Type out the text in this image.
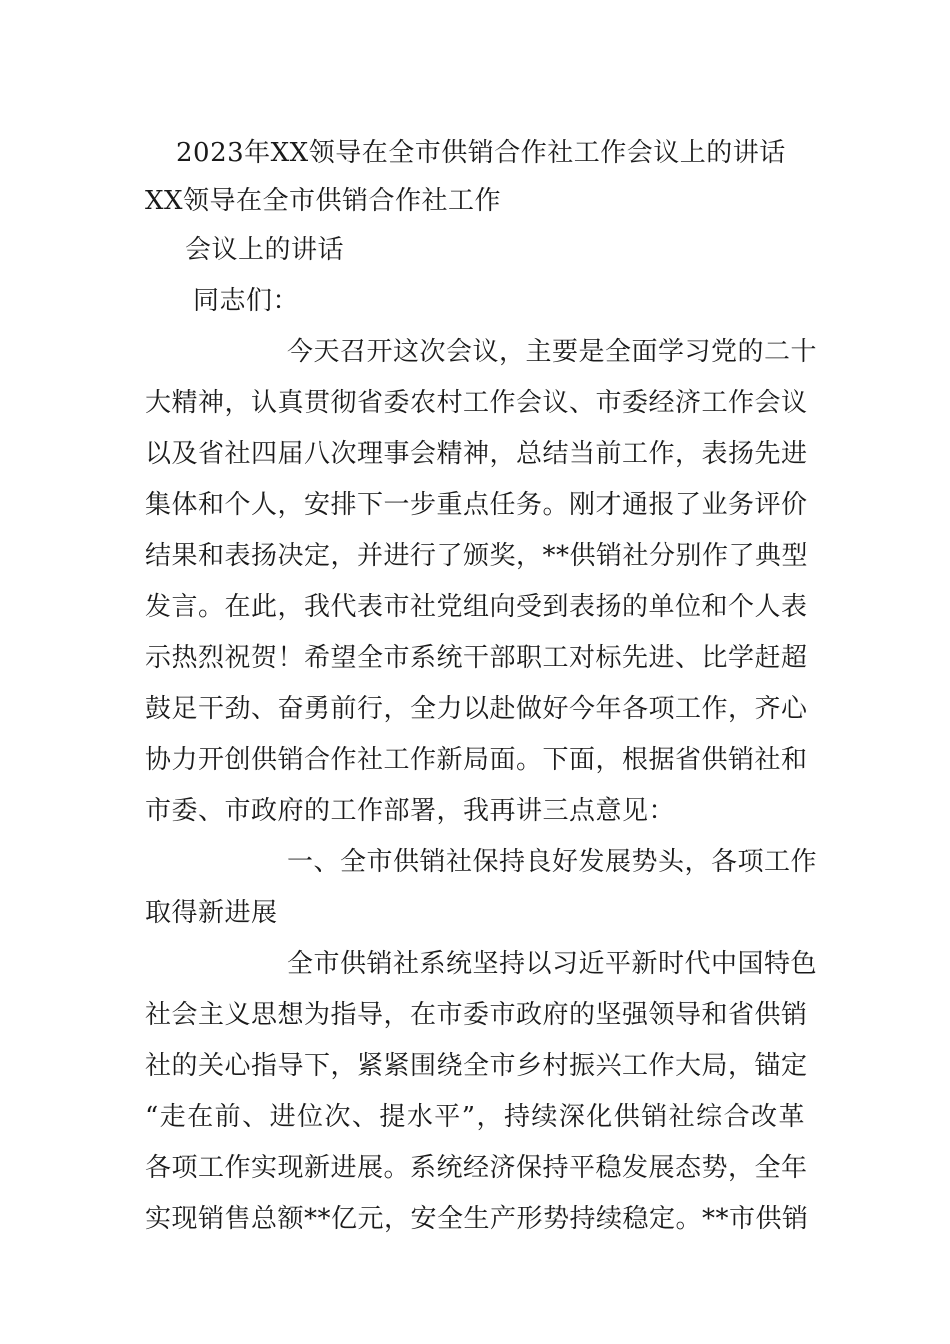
2023年XX领导在全市供销合作社工作会议上的讲话
XX领导在全市供销合作社工作
会议上的讲话
同志们：
今天召开这次会议，主要是全面学习党的二十
大精神，认真贯彻省委农村工作会议、市委经济工作会议
以及省社四届八次理事会精神，总结当前工作，表扬先进
集体和个人，安排下一步重点任务。刚才通报了业务评价
结果和表扬决定，并进行了颁奖，**供销社分别作了典型
发言。在此，我代表市社党组向受到表扬的单位和个人表
示热烈祝贺！希望全市系统干部职工对标先进、比学赶超
鼓足干劲、奋勇前行，全力以赴做好今年各项工作，齐心
协力开创供销合作社工作新局面。下面，根据省供销社和
市委、市政府的工作部署，我再讲三点意见：
一、全市供销社保持良好发展势头，各项工作
取得新进展
全市供销社系统坚持以习近平新时代中国特色
社会主义思想为指导，在市委市政府的坚强领导和省供销
社的关心指导下，紧紧围绕全市乡村振兴工作大局，锚定
“走在前、进位次、提水平”，持续深化供销社综合改革
各项工作实现新进展。系统经济保持平稳发展态势，全年
实现销售总额**亿元，安全生产形势持续稳定。**市供销
